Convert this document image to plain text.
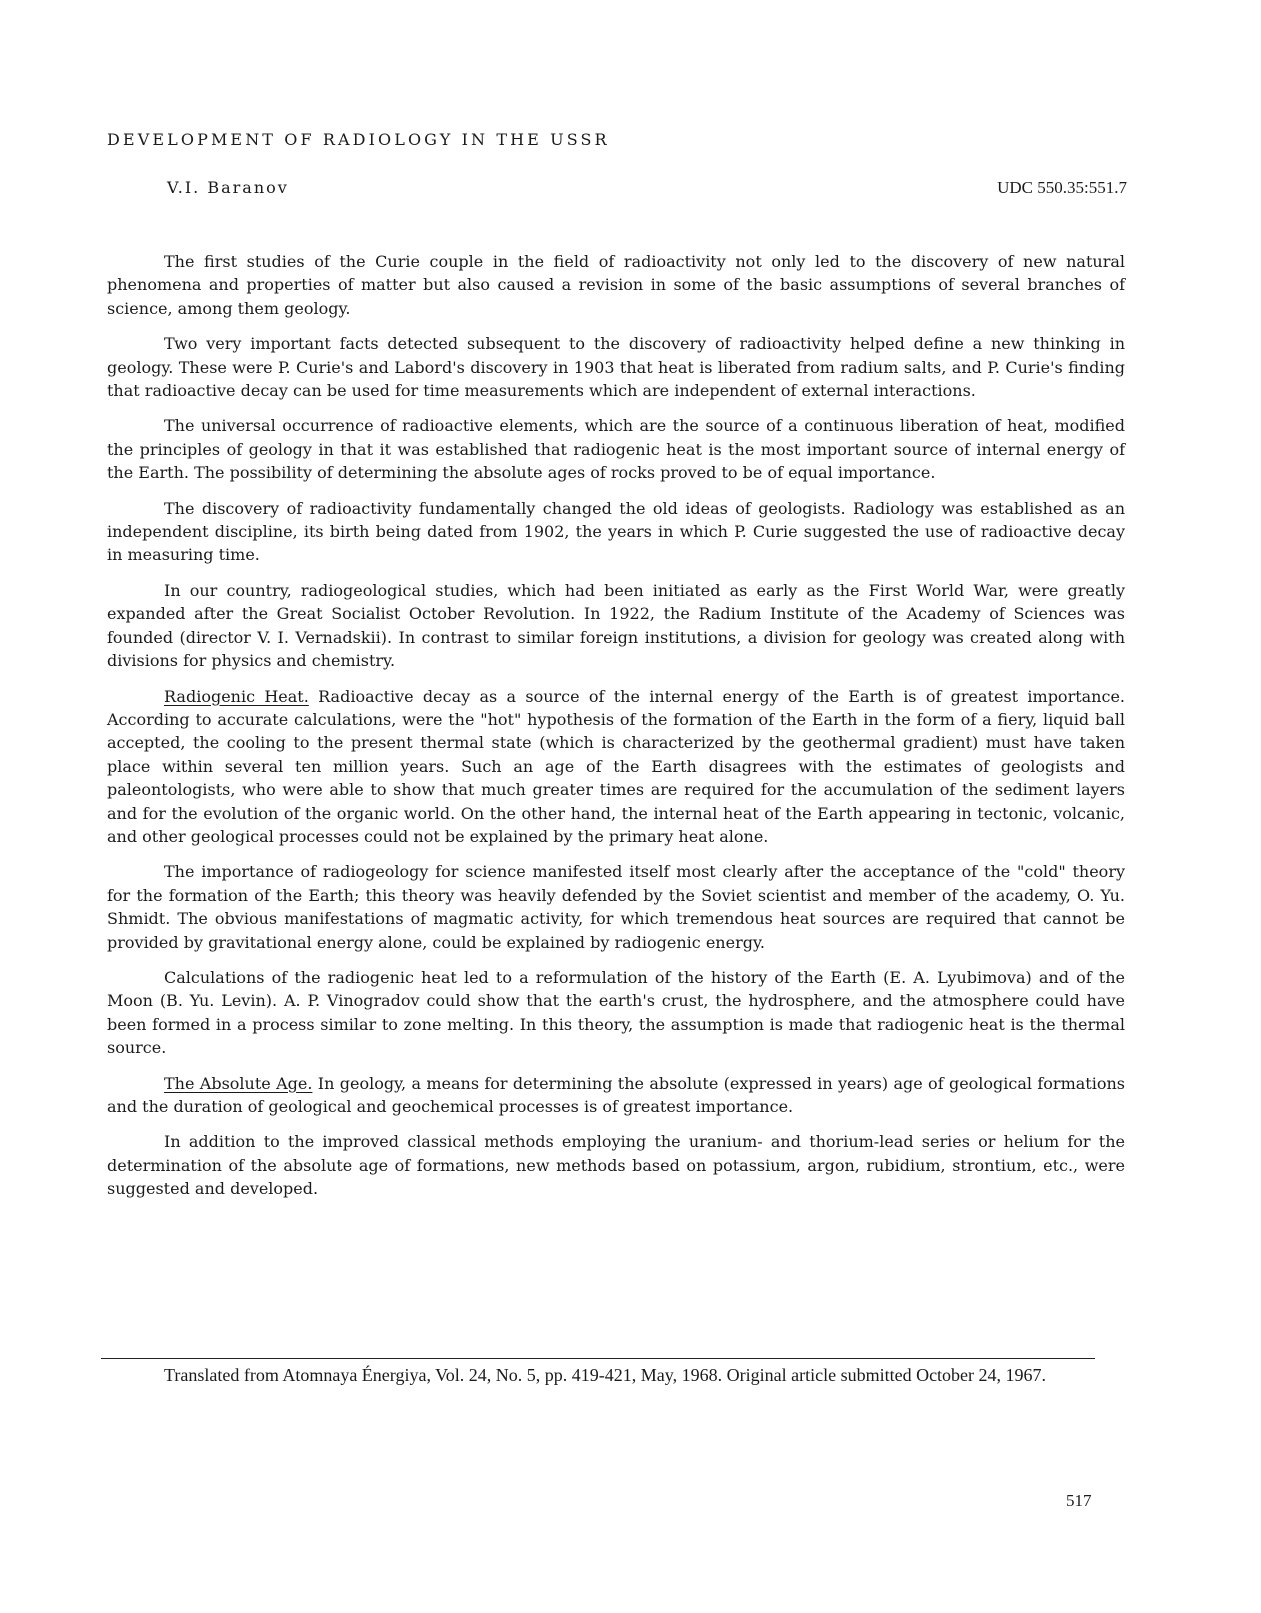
DEVELOPMENT OF RADIOLOGY IN THE USSR
V.I. Baranov	UDC 550.35:551.7

The first studies of the Curie couple in the field of radioactivity not only led to the discovery of new natural phenomena and properties of matter but also caused a revision in some of the basic assumptions of several branches of science, among them geology.

Two very important facts detected subsequent to the discovery of radioactivity helped define a new thinking in geology. These were P. Curie's and Labord's discovery in 1903 that heat is liberated from radium salts, and P. Curie's finding that radioactive decay can be used for time measurements which are independent of external interactions.

The universal occurrence of radioactive elements, which are the source of a continuous liberation of heat, modified the principles of geology in that it was established that radiogenic heat is the most important source of internal energy of the Earth. The possibility of determining the absolute ages of rocks proved to be of equal importance.

The discovery of radioactivity fundamentally changed the old ideas of geologists. Radiology was established as an independent discipline, its birth being dated from 1902, the years in which P. Curie suggested the use of radioactive decay in measuring time.

In our country, radiogeological studies, which had been initiated as early as the First World War, were greatly expanded after the Great Socialist October Revolution. In 1922, the Radium Institute of the Academy of Sciences was founded (director V. I. Vernadskii). In contrast to similar foreign institutions, a division for geology was created along with divisions for physics and chemistry.

Radiogenic Heat. Radioactive decay as a source of the internal energy of the Earth is of greatest importance. According to accurate calculations, were the "hot" hypothesis of the formation of the Earth in the form of a fiery, liquid ball accepted, the cooling to the present thermal state (which is characterized by the geothermal gradient) must have taken place within several ten million years. Such an age of the Earth disagrees with the estimates of geologists and paleontologists, who were able to show that much greater times are required for the accumulation of the sediment layers and for the evolution of the organic world. On the other hand, the internal heat of the Earth appearing in tectonic, volcanic, and other geological processes could not be explained by the primary heat alone.

The importance of radiogeology for science manifested itself most clearly after the acceptance of the "cold" theory for the formation of the Earth; this theory was heavily defended by the Soviet scientist and member of the academy, O. Yu. Shmidt. The obvious manifestations of magmatic activity, for which tremendous heat sources are required that cannot be provided by gravitational energy alone, could be explained by radiogenic energy.

Calculations of the radiogenic heat led to a reformulation of the history of the Earth (E. A. Lyubimova) and of the Moon (B. Yu. Levin). A. P. Vinogradov could show that the earth's crust, the hydrosphere, and the atmosphere could have been formed in a process similar to zone melting. In this theory, the assumption is made that radiogenic heat is the thermal source.

The Absolute Age. In geology, a means for determining the absolute (expressed in years) age of geological formations and the duration of geological and geochemical processes is of greatest importance.

In addition to the improved classical methods employing the uranium- and thorium-lead series or helium for the determination of the absolute age of formations, new methods based on potassium, argon, rubidium, strontium, etc., were suggested and developed.

Translated from Atomnaya Énergiya, Vol. 24, No. 5, pp. 419-421, May, 1968. Original article submitted October 24, 1967.
517
